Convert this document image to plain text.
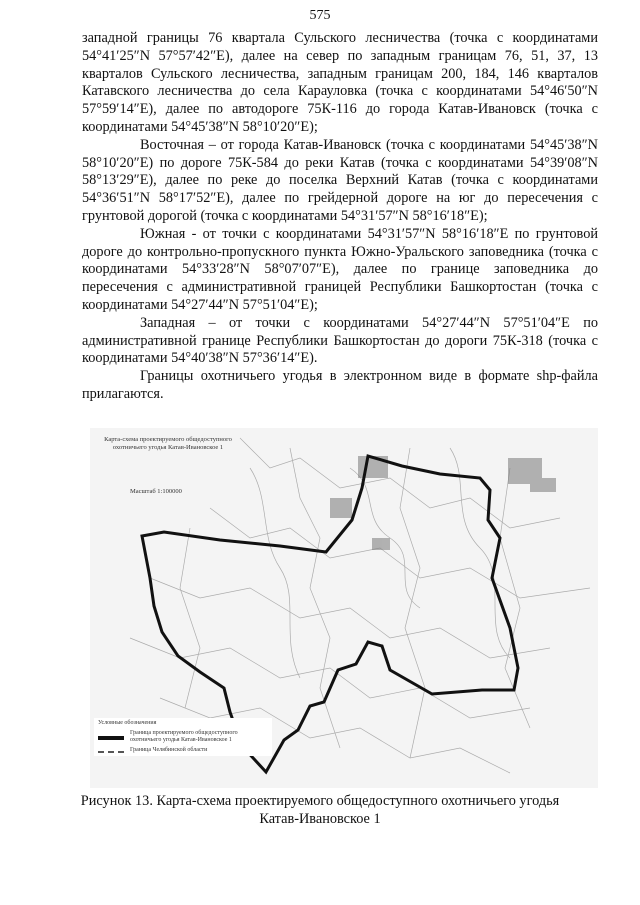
575

западной границы 76 квартала Сульского лесничества (точка с координатами 54°41′25″N 57°57′42″E), далее на север по западным границам 76, 51, 37, 13 кварталов Сульского лесничества, западным границам 200, 184, 146 кварталов Катавского лесничества до села Карауловка (точка с координатами 54°46′50″N 57°59′14″E), далее по автодороге 75К-116 до города Катав-Ивановск (точка с координатами 54°45′38″N 58°10′20″E);

Восточная – от города Катав-Ивановск (точка с координатами 54°45′38″N 58°10′20″E) по дороге 75К-584 до реки Катав (точка с координатами 54°39′08″N 58°13′29″E), далее по реке до поселка Верхний Катав (точка с координатами 54°36′51″N 58°17′52″E), далее по грейдерной дороге на юг до пересечения с грунтовой дорогой (точка с координатами 54°31′57″N 58°16′18″E);

Южная - от точки с координатами 54°31′57″N 58°16′18″E по грунтовой дороге до контрольно-пропускного пункта Южно-Уральского заповедника (точка с координатами 54°33′28″N 58°07′07″E), далее по границе заповедника до пересечения с административной границей Республики Башкортостан (точка с координатами 54°27′44″N 57°51′04″E);

Западная – от точки с координатами 54°27′44″N 57°51′04″E по административной границе Республики Башкортостан до дороги 75К-318 (точка с координатами 54°40′38″N 57°36′14″E).

Границы охотничьего угодья в электронном виде в формате shp-файла прилагаются.

Карта-схема проектируемого общедоступного охотничьего угодья Катав-Ивановское 1
Масштаб 1:100000
Условные обозначения
Граница проектируемого общедоступного охотничьего угодья Катав-Ивановское 1
Граница Челябинской области
Рисунок 13. Карта-схема проектируемого общедоступного охотничьего угодья
Катав-Ивановское 1
